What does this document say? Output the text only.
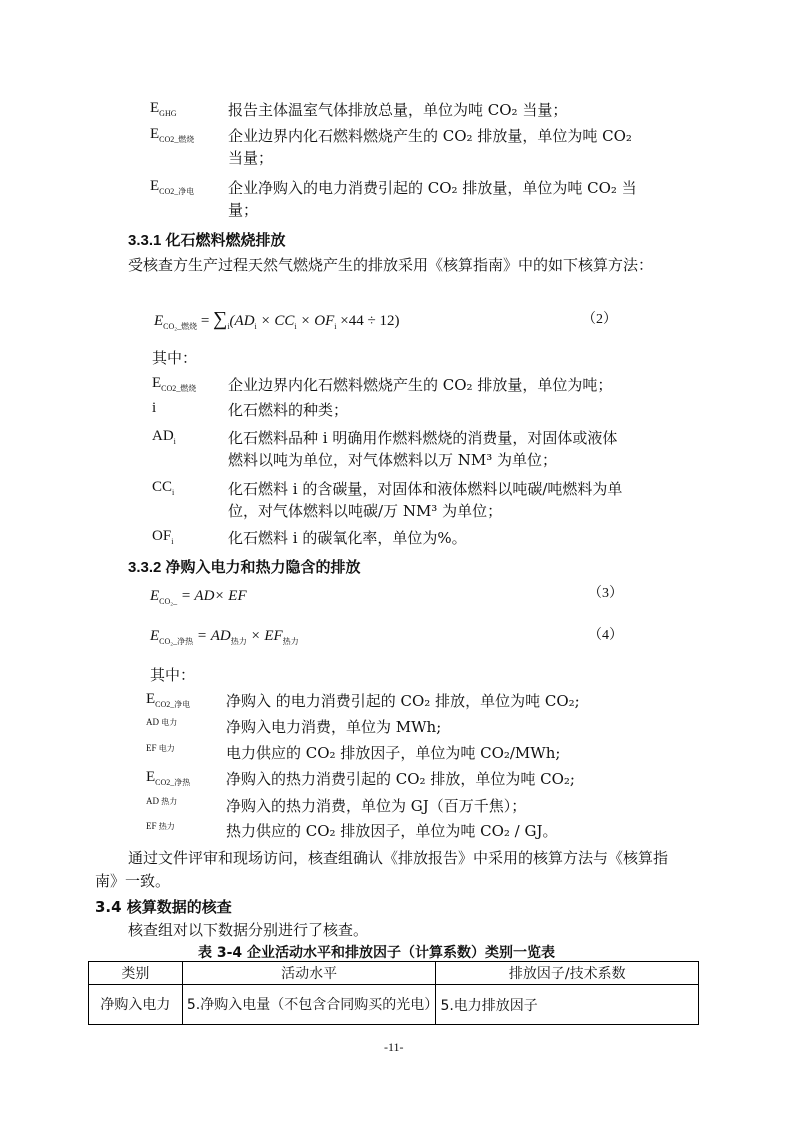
$E_{GHG}$	报告主体温室气体排放总量，单位为吨 CO₂ 当量；
$E_{CO2\_燃烧}$ 企业边界内化石燃料燃烧产生的 CO₂ 排放量，单位为吨 CO₂
当量；
$E_{CO2\_净电}$ 企业净购入的电力消费引起的 CO₂ 排放量，单位为吨 CO₂ 当
量；
3.3.1 化石燃料燃烧排放
受核查方生产过程天然气燃烧产生的排放采用《核算指南》中的如下核算方法：
$E_{CO_2\_燃烧} = \sum_i(AD_i \times CC_i \times OF_i \times 44 \div 12)$	（2）
其中：
$E_{CO2\_燃烧}$ 企业边界内化石燃料燃烧产生的 CO₂ 排放量，单位为吨；
i	化石燃料的种类；
$AD_i$	化石燃料品种 i 明确用作燃料燃烧的消费量，对固体或液体
燃料以吨为单位，对气体燃料以万 NM³ 为单位；
$CC_i$	化石燃料 i 的含碳量，对固体和液体燃料以吨碳/吨燃料为单
位，对气体燃料以吨碳/万 NM³ 为单位；
$OF_i$	化石燃料 i 的碳氧化率，单位为%。
3.3.2 净购入电力和热力隐含的排放
$E_{CO_2\_} = AD\times$ EF	（3）
$E_{CO_2\_净热} = AD_{热力} \times EF_{热力}$	（4）
其中：
$E_{CO2\_净电}$ 净购入 的电力消费引起的 CO₂ 排放，单位为吨 CO₂;
AD 电力	净购入电力消费，单位为 MWh;
EF 电力	电力供应的 CO₂ 排放因子，单位为吨 CO₂/MWh;
$E_{CO2\_净热}$ 净购入的热力消费引起的 CO₂ 排放，单位为吨 CO₂;
AD 热力	净购入的热力消费，单位为 GJ（百万千焦）；
EF 热力	热力供应的 CO₂ 排放因子，单位为吨 CO₂ / GJ。
通过文件评审和现场访问，核查组确认《排放报告》中采用的核算方法与《核算指
南》一致。
3.4 核算数据的核查
核查组对以下数据分别进行了核查。
表 3-4 企业活动水平和排放因子（计算系数）类别一览表
类别	活动水平	排放因子/技术系数
净购入电力	5.净购入电量（不包含合同购买的光电）	5.电力排放因子
-11-
